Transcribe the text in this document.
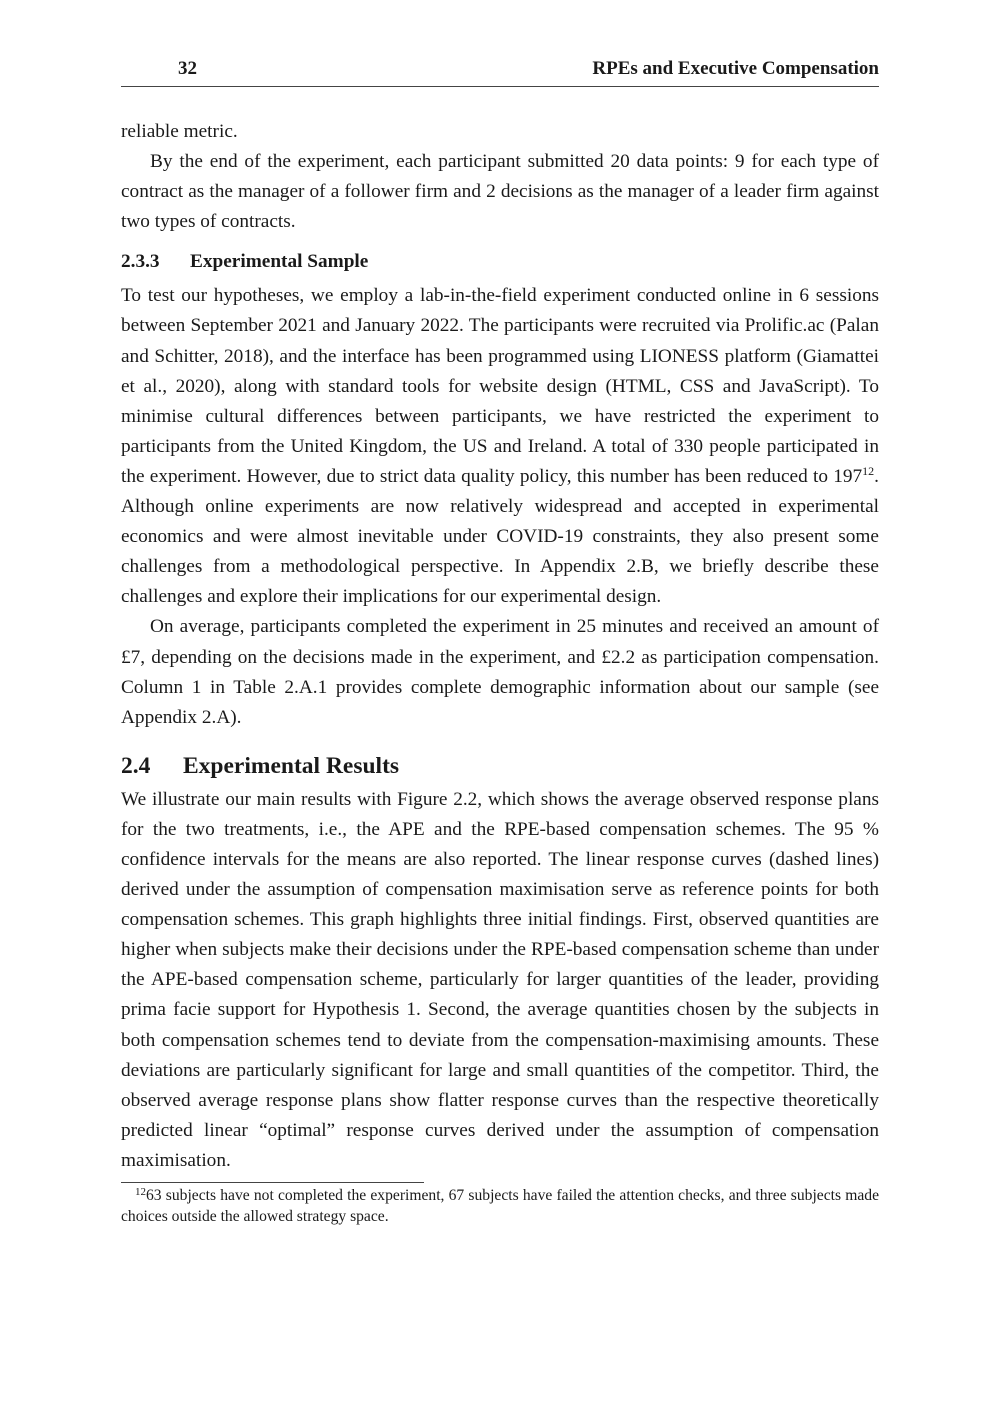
32	RPEs and Executive Compensation

reliable metric.

By the end of the experiment, each participant submitted 20 data points: 9 for each type of contract as the manager of a follower firm and 2 decisions as the manager of a leader firm against two types of contracts.

2.3.3 Experimental Sample

To test our hypotheses, we employ a lab-in-the-field experiment conducted online in 6 sessions between September 2021 and January 2022. The participants were recruited via Prolific.ac (Palan and Schitter, 2018), and the interface has been programmed using LIONESS platform (Giamattei et al., 2020), along with standard tools for website design (HTML, CSS and JavaScript). To minimise cultural differences between participants, we have restricted the experiment to participants from the United Kingdom, the US and Ireland. A total of 330 people participated in the experiment. However, due to strict data quality policy, this number has been reduced to $197^{12}$. Although online experiments are now relatively widespread and accepted in experimental economics and were almost inevitable under COVID-19 constraints, they also present some challenges from a methodological perspective. In Appendix 2.B, we briefly describe these challenges and explore their implications for our experimental design.

On average, participants completed the experiment in 25 minutes and received an amount of £7, depending on the decisions made in the experiment, and £2.2 as participation compensation. Column 1 in Table 2.A.1 provides complete demographic information about our sample (see Appendix 2.A).

2.4 Experimental Results

We illustrate our main results with Figure 2.2, which shows the average observed response plans for the two treatments, i.e., the APE and the RPE-based compensation schemes. The 95 % confidence intervals for the means are also reported. The linear response curves (dashed lines) derived under the assumption of compensation maximisation serve as reference points for both compensation schemes. This graph highlights three initial findings. First, observed quantities are higher when subjects make their decisions under the RPE-based compensation scheme than under the APE-based compensation scheme, particularly for larger quantities of the leader, providing prima facie support for Hypothesis 1. Second, the average quantities chosen by the subjects in both compensation schemes tend to deviate from the compensation-maximising amounts. These deviations are particularly significant for large and small quantities of the competitor. Third, the observed average response plans show flatter response curves than the respective theoretically predicted linear “optimal” response curves derived under the assumption of compensation maximisation.

$^{12}$63 subjects have not completed the experiment, 67 subjects have failed the attention checks, and three subjects made choices outside the allowed strategy space.
